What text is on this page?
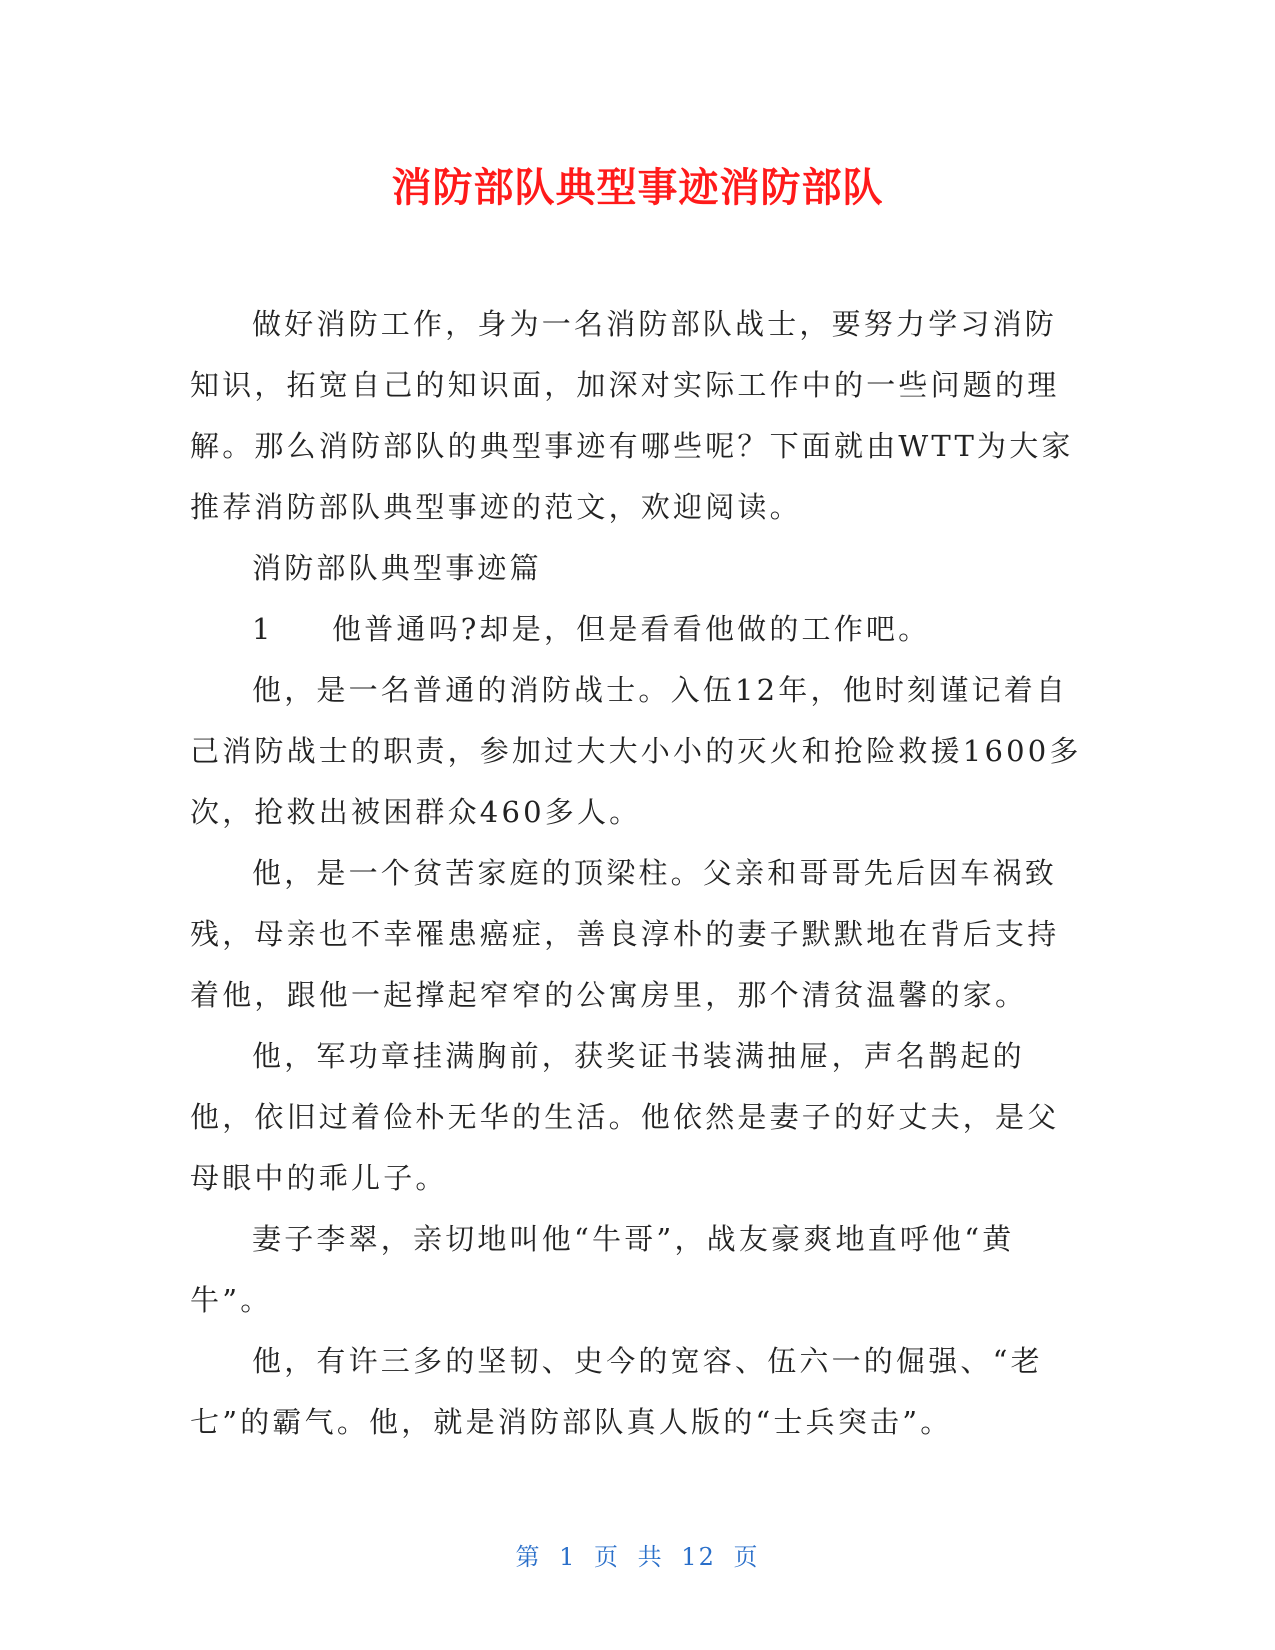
消防部队典型事迹消防部队

做好消防工作，身为一名消防部队战士，要努力学习消防知识，拓宽自己的知识面，加深对实际工作中的一些问题的理解。那么消防部队的典型事迹有哪些呢？下面就由WTT为大家推荐消防部队典型事迹的范文，欢迎阅读。

消防部队典型事迹篇

1 他普通吗?却是，但是看看他做的工作吧。

他，是一名普通的消防战士。入伍12年，他时刻谨记着自己消防战士的职责，参加过大大小小的灭火和抢险救援1600多次，抢救出被困群众460多人。

他，是一个贫苦家庭的顶梁柱。父亲和哥哥先后因车祸致残，母亲也不幸罹患癌症，善良淳朴的妻子默默地在背后支持着他，跟他一起撑起窄窄的公寓房里，那个清贫温馨的家。

他，军功章挂满胸前，获奖证书装满抽屉，声名鹊起的他，依旧过着俭朴无华的生活。他依然是妻子的好丈夫，是父母眼中的乖儿子。

妻子李翠，亲切地叫他“牛哥”，战友豪爽地直呼他“黄牛”。

他，有许三多的坚韧、史今的宽容、伍六一的倔强、“老七”的霸气。他，就是消防部队真人版的“士兵突击”。

第 1 页 共 12 页
